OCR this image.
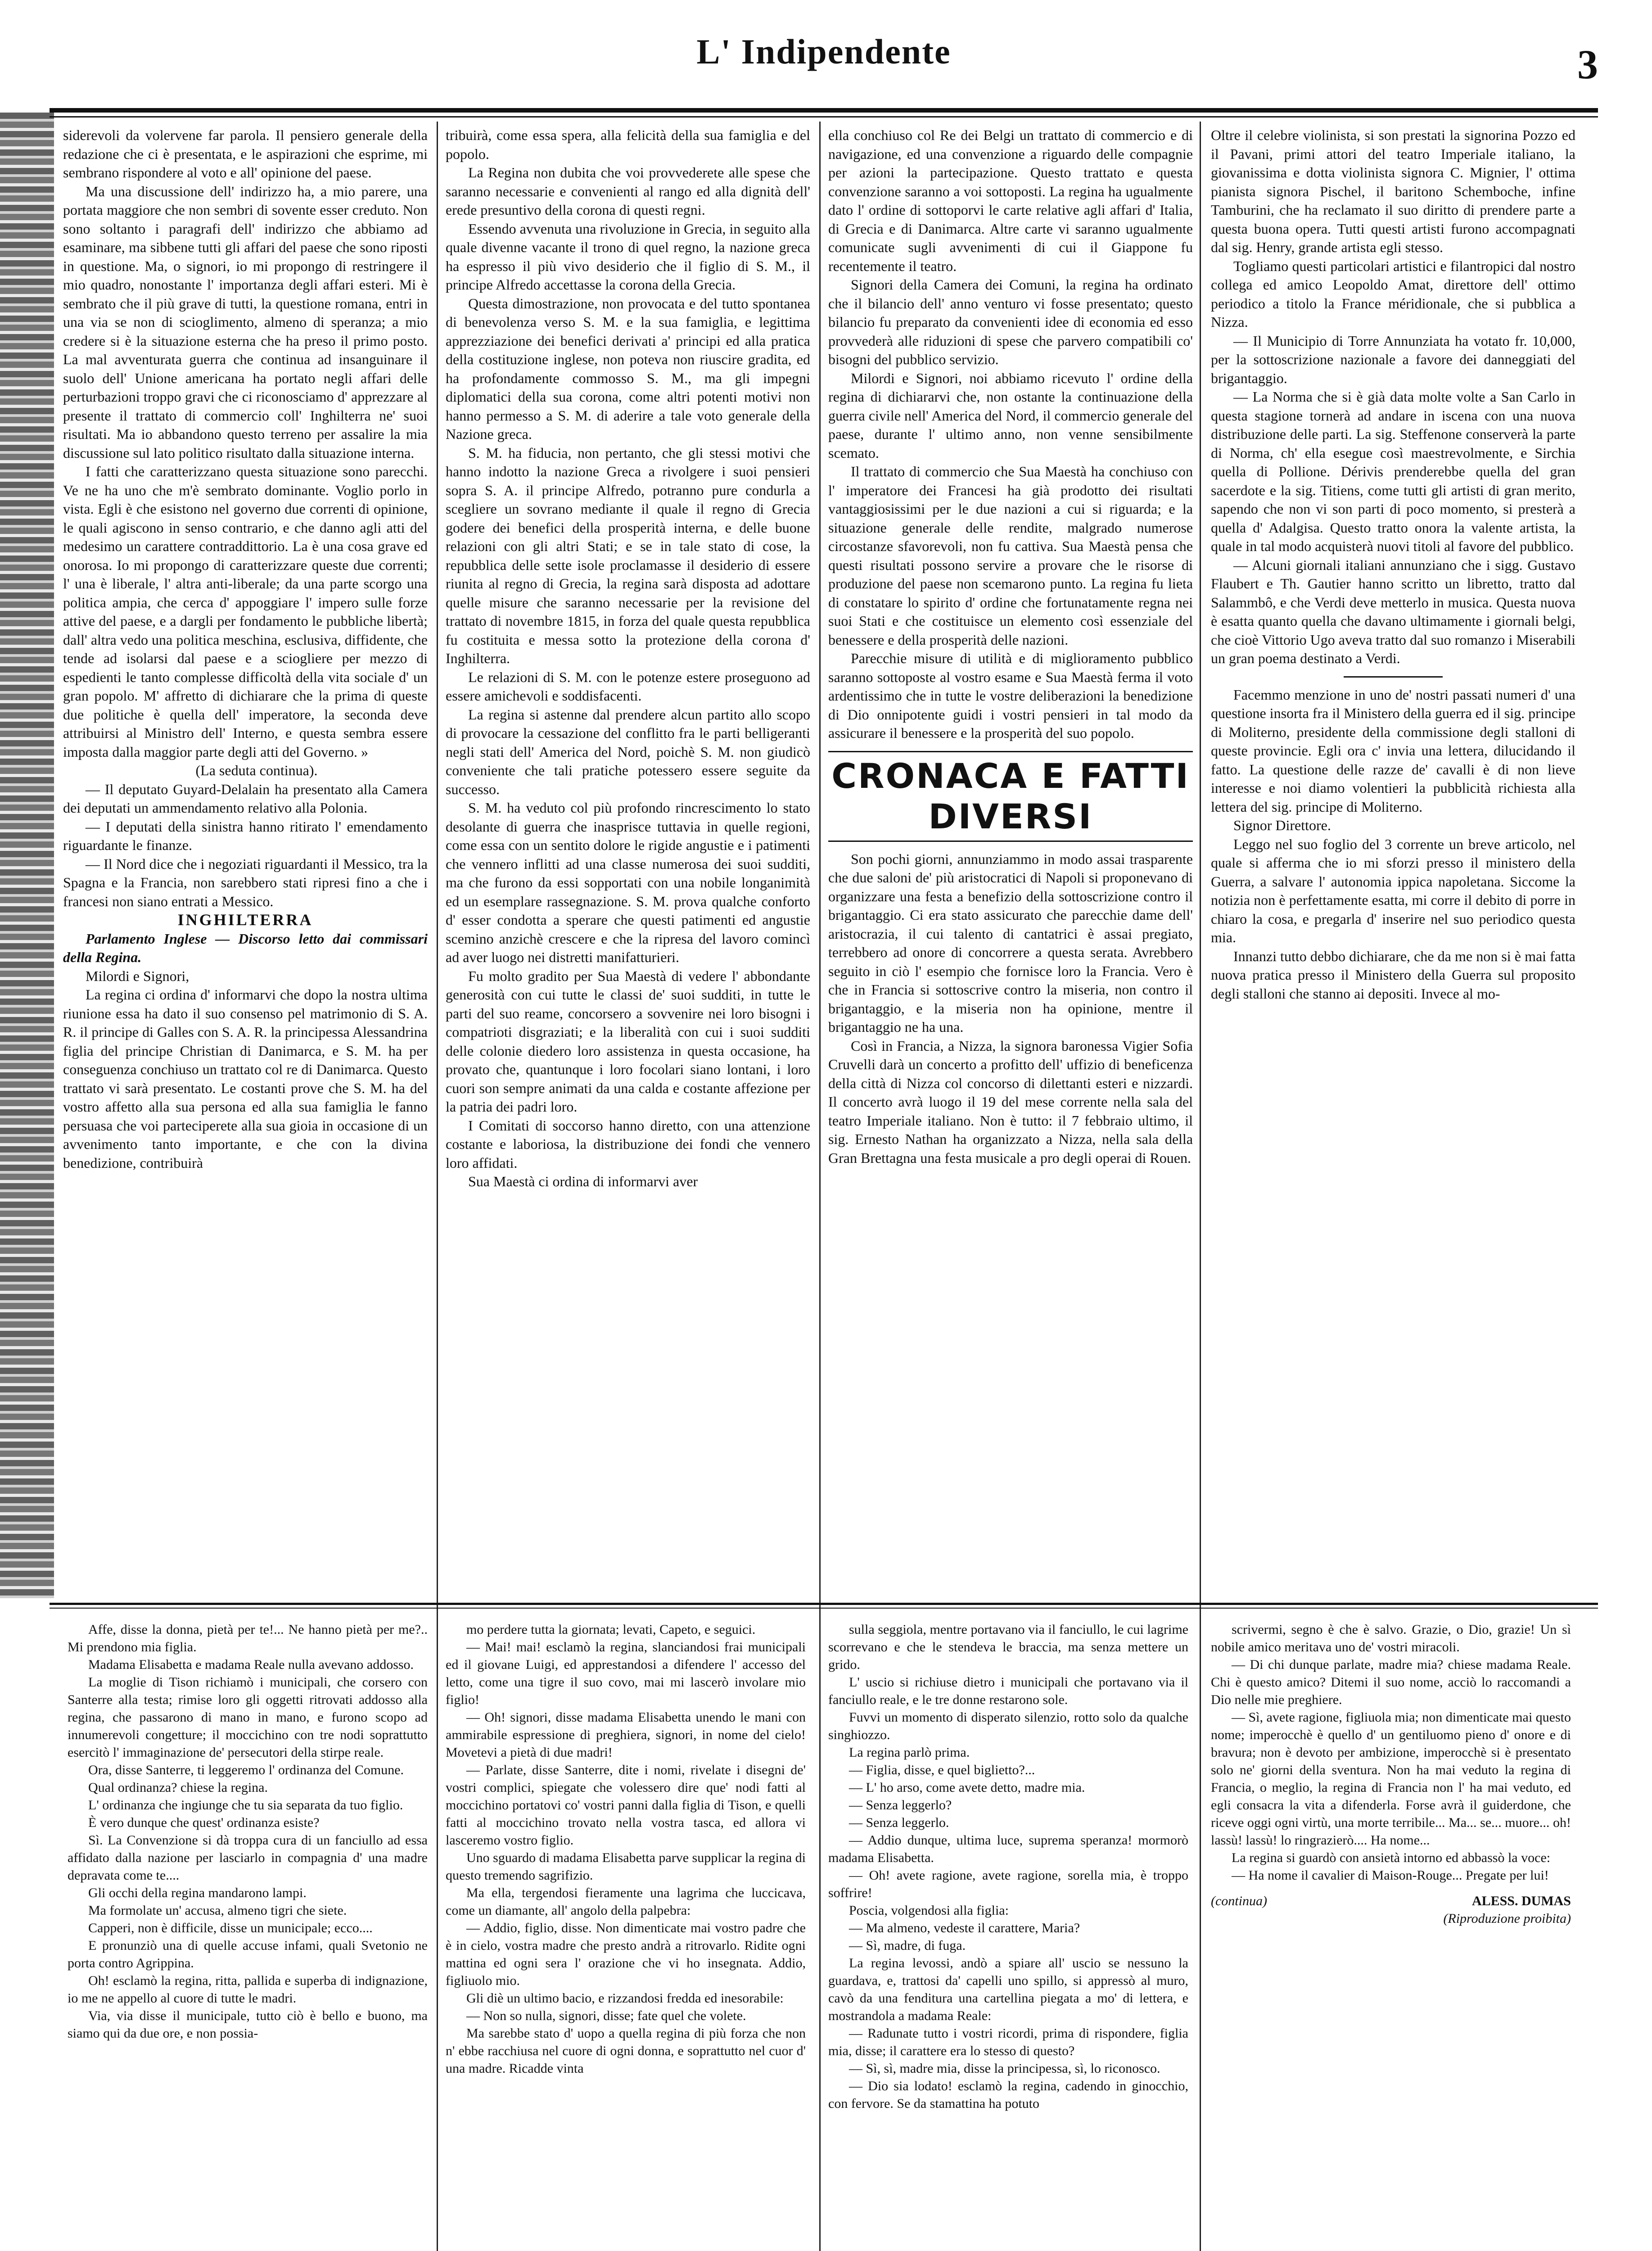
L' Indipendente	3

siderevoli da volervene far parola. Il pensiero generale della redazione che ci è presentata, e le aspirazioni che esprime, mi sembrano rispondere al voto e all' opinione del paese.

Ma una discussione dell' indirizzo ha, a mio parere, una portata maggiore che non sembri di sovente esser creduto. Non sono soltanto i paragrafi dell' indirizzo che abbiamo ad esaminare, ma sibbene tutti gli affari del paese che sono riposti in questione. Ma, o signori, io mi propongo di restringere il mio quadro, nonostante l' importanza degli affari esteri. Mi è sembrato che il più grave di tutti, la questione romana, entri in una via se non di scioglimento, almeno di speranza; a mio credere si è la situazione esterna che ha preso il primo posto. La mal avventurata guerra che continua ad insanguinare il suolo dell' Unione americana ha portato negli affari delle perturbazioni troppo gravi che ci riconosciamo d' apprezzare al presente il trattato di commercio coll' Inghilterra ne' suoi risultati. Ma io abbandono questo terreno per assalire la mia discussione sul lato politico risultato dalla situazione interna.

I fatti che caratterizzano questa situazione sono parecchi. Ve ne ha uno che m'è sembrato dominante. Voglio porlo in vista. Egli è che esistono nel governo due correnti di opinione, le quali agiscono in senso contrario, e che danno agli atti del medesimo un carattere contraddittorio. La è una cosa grave ed onorosa. Io mi propongo di caratterizzare queste due correnti; l' una è liberale, l' altra anti-liberale; da una parte scorgo una politica ampia, che cerca d' appoggiare l' impero sulle forze attive del paese, e a dargli per fondamento le pubbliche libertà; dall' altra vedo una politica meschina, esclusiva, diffidente, che tende ad isolarsi dal paese e a sciogliere per mezzo di espedienti le tanto complesse difficoltà della vita sociale d' un gran popolo. M' affretto di dichiarare che la prima di queste due politiche è quella dell' imperatore, la seconda deve attribuirsi al Ministro dell' Interno, e questa sembra essere imposta dalla maggior parte degli atti del Governo. »

(La seduta continua).

— Il deputato Guyard-Delalain ha presentato alla Camera dei deputati un ammendamento relativo alla Polonia.

— I deputati della sinistra hanno ritirato l' emendamento riguardante le finanze.

— Il Nord dice che i negoziati riguardanti il Messico, tra la Spagna e la Francia, non sarebbero stati ripresi fino a che i francesi non siano entrati a Messico.

INGHILTERRA

Parlamento Inglese — Discorso letto dai commissari della Regina.

Milordi e Signori,

La regina ci ordina d' informarvi che dopo la nostra ultima riunione essa ha dato il suo consenso pel matrimonio di S. A. R. il principe di Galles con S. A. R. la principessa Alessandrina figlia del principe Christian di Danimarca, e S. M. ha per conseguenza conchiuso un trattato col re di Danimarca. Questo trattato vi sarà presentato. Le costanti prove che S. M. ha del vostro affetto alla sua persona ed alla sua famiglia le fanno persuasa che voi parteciperete alla sua gioia in occasione di un avvenimento tanto importante, e che con la divina benedizione, contribuirà

tribuirà, come essa spera, alla felicità della sua famiglia e del popolo.

La Regina non dubita che voi provvederete alle spese che saranno necessarie e convenienti al rango ed alla dignità dell' erede presuntivo della corona di questi regni.

Essendo avvenuta una rivoluzione in Grecia, in seguito alla quale divenne vacante il trono di quel regno, la nazione greca ha espresso il più vivo desiderio che il figlio di S. M., il principe Alfredo accettasse la corona della Grecia.

Questa dimostrazione, non provocata e del tutto spontanea di benevolenza verso S. M. e la sua famiglia, e legittima apprezziazione dei benefici derivati a' principi ed alla pratica della costituzione inglese, non poteva non riuscire gradita, ed ha profondamente commosso S. M., ma gli impegni diplomatici della sua corona, come altri potenti motivi non hanno permesso a S. M. di aderire a tale voto generale della Nazione greca.

S. M. ha fiducia, non pertanto, che gli stessi motivi che hanno indotto la nazione Greca a rivolgere i suoi pensieri sopra S. A. il principe Alfredo, potranno pure condurla a scegliere un sovrano mediante il quale il regno di Grecia godere dei benefici della prosperità interna, e delle buone relazioni con gli altri Stati; e se in tale stato di cose, la repubblica delle sette isole proclamasse il desiderio di essere riunita al regno di Grecia, la regina sarà disposta ad adottare quelle misure che saranno necessarie per la revisione del trattato di novembre 1815, in forza del quale questa repubblica fu costituita e messa sotto la protezione della corona d' Inghilterra.

Le relazioni di S. M. con le potenze estere proseguono ad essere amichevoli e soddisfacenti.

La regina si astenne dal prendere alcun partito allo scopo di provocare la cessazione del conflitto fra le parti belligeranti negli stati dell' America del Nord, poichè S. M. non giudicò conveniente che tali pratiche potessero essere seguite da successo.

S. M. ha veduto col più profondo rincrescimento lo stato desolante di guerra che inasprisce tuttavia in quelle regioni, come essa con un sentito dolore le rigide angustie e i patimenti che vennero inflitti ad una classe numerosa dei suoi sudditi, ma che furono da essi sopportati con una nobile longanimità ed un esemplare rassegnazione. S. M. prova qualche conforto d' esser condotta a sperare che questi patimenti ed angustie scemino anzichè crescere e che la ripresa del lavoro comincì ad aver luogo nei distretti manifatturieri.

Fu molto gradito per Sua Maestà di vedere l' abbondante generosità con cui tutte le classi de' suoi sudditi, in tutte le parti del suo reame, concorsero a sovvenire nei loro bisogni i compatrioti disgraziati; e la liberalità con cui i suoi sudditi delle colonie diedero loro assistenza in questa occasione, ha provato che, quantunque i loro focolari siano lontani, i loro cuori son sempre animati da una calda e costante affezione per la patria dei padri loro.

I Comitati di soccorso hanno diretto, con una attenzione costante e laboriosa, la distribuzione dei fondi che vennero loro affidati.

Sua Maestà ci ordina di informarvi aver

ella conchiuso col Re dei Belgi un trattato di commercio e di navigazione, ed una convenzione a riguardo delle compagnie per azioni la partecipazione. Questo trattato e questa convenzione saranno a voi sottoposti. La regina ha ugualmente dato l' ordine di sottoporvi le carte relative agli affari d' Italia, di Grecia e di Danimarca. Altre carte vi saranno ugualmente comunicate sugli avvenimenti di cui il Giappone fu recentemente il teatro.

Signori della Camera dei Comuni, la regina ha ordinato che il bilancio dell' anno venturo vi fosse presentato; questo bilancio fu preparato da convenienti idee di economia ed esso provvederà alle riduzioni di spese che parvero compatibili co' bisogni del pubblico servizio.

Milordi e Signori, noi abbiamo ricevuto l' ordine della regina di dichiararvi che, non ostante la continuazione della guerra civile nell' America del Nord, il commercio generale del paese, durante l' ultimo anno, non venne sensibilmente scemato.

Il trattato di commercio che Sua Maestà ha conchiuso con l' imperatore dei Francesi ha già prodotto dei risultati vantaggiosissimi per le due nazioni a cui si riguarda; e la situazione generale delle rendite, malgrado numerose circostanze sfavorevoli, non fu cattiva. Sua Maestà pensa che questi risultati possono servire a provare che le risorse di produzione del paese non scemarono punto. La regina fu lieta di constatare lo spirito d' ordine che fortunatamente regna nei suoi Stati e che costituisce un elemento così essenziale del benessere e della prosperità delle nazioni.

Parecchie misure di utilità e di miglioramento pubblico saranno sottoposte al vostro esame e Sua Maestà ferma il voto ardentissimo che in tutte le vostre deliberazioni la benedizione di Dio onnipotente guidi i vostri pensieri in tal modo da assicurare il benessere e la prosperità del suo popolo.

CRONACA E FATTI DIVERSI

Son pochi giorni, annunziammo in modo assai trasparente che due saloni de' più aristocratici di Napoli si proponevano di organizzare una festa a benefizio della sottoscrizione contro il brigantaggio. Ci era stato assicurato che parecchie dame dell' aristocrazia, il cui talento di cantatrici è assai pregiato, terrebbero ad onore di concorrere a questa serata. Avrebbero seguito in ciò l' esempio che fornisce loro la Francia. Vero è che in Francia si sottoscrive contro la miseria, non contro il brigantaggio, e la miseria non ha opinione, mentre il brigantaggio ne ha una.

Così in Francia, a Nizza, la signora baronessa Vigier Sofia Cruvelli darà un concerto a profitto dell' uffizio di beneficenza della città di Nizza col concorso di dilettanti esteri e nizzardi. Il concerto avrà luogo il 19 del mese corrente nella sala del teatro Imperiale italiano. Non è tutto: il 7 febbraio ultimo, il sig. Ernesto Nathan ha organizzato a Nizza, nella sala della Gran Brettagna una festa musicale a pro degli operai di Rouen.

Oltre il celebre violinista, si son prestati la signorina Pozzo ed il Pavani, primi attori del teatro Imperiale italiano, la giovanissima e dotta violinista signora C. Mignier, l' ottima pianista signora Pischel, il baritono Schemboche, infine Tamburini, che ha reclamato il suo diritto di prendere parte a questa buona opera. Tutti questi artisti furono accompagnati dal sig. Henry, grande artista egli stesso.

Togliamo questi particolari artistici e filantropici dal nostro collega ed amico Leopoldo Amat, direttore dell' ottimo periodico a titolo la France méridionale, che si pubblica a Nizza.

— Il Municipio di Torre Annunziata ha votato fr. 10,000, per la sottoscrizione nazionale a favore dei danneggiati del brigantaggio.

— La Norma che si è già data molte volte a San Carlo in questa stagione tornerà ad andare in iscena con una nuova distribuzione delle parti. La sig. Steffenone conserverà la parte di Norma, ch' ella esegue così maestrevolmente, e Sirchia quella di Pollione. Dérivis prenderebbe quella del gran sacerdote e la sig. Titiens, come tutti gli artisti di gran merito, sapendo che non vi son parti di poco momento, si presterà a quella d' Adalgisa. Questo tratto onora la valente artista, la quale in tal modo acquisterà nuovi titoli al favore del pubblico.

— Alcuni giornali italiani annunziano che i sigg. Gustavo Flaubert e Th. Gautier hanno scritto un libretto, tratto dal Salammbô, e che Verdi deve metterlo in musica. Questa nuova è esatta quanto quella che davano ultimamente i giornali belgi, che cioè Vittorio Ugo aveva tratto dal suo romanzo i Miserabili un gran poema destinato a Verdi.

Facemmo menzione in uno de' nostri passati numeri d' una questione insorta fra il Ministero della guerra ed il sig. principe di Moliterno, presidente della commissione degli stalloni di queste provincie. Egli ora c' invia una lettera, dilucidando il fatto. La questione delle razze de' cavalli è di non lieve interesse e noi diamo volentieri la pubblicità richiesta alla lettera del sig. principe di Moliterno.

Signor Direttore.

Leggo nel suo foglio del 3 corrente un breve articolo, nel quale si afferma che io mi sforzi presso il ministero della Guerra, a salvare l' autonomia ippica napoletana. Siccome la notizia non è perfettamente esatta, mi corre il debito di porre in chiaro la cosa, e pregarla d' inserire nel suo periodico questa mia.

Innanzi tutto debbo dichiarare, che da me non si è mai fatta nuova pratica presso il Ministero della Guerra sul proposito degli stalloni che stanno ai depositi. Invece al mo-

Affe, disse la donna, pietà per te!... Ne hanno pietà per me?.. Mi prendono mia figlia.

Madama Elisabetta e madama Reale nulla avevano addosso.

La moglie di Tison richiamò i municipali, che corsero con Santerre alla testa; rimise loro gli oggetti ritrovati addosso alla regina, che passarono di mano in mano, e furono scopo ad innumerevoli congetture; il moccichino con tre nodi soprattutto esercitò l' immaginazione de' persecutori della stirpe reale.

Ora, disse Santerre, ti leggeremo l' ordinanza del Comune.

Qual ordinanza? chiese la regina.

L' ordinanza che ingiunge che tu sia separata da tuo figlio.

È vero dunque che quest' ordinanza esiste?

Sì. La Convenzione si dà troppa cura di un fanciullo ad essa affidato dalla nazione per lasciarlo in compagnia d' una madre depravata come te....

Gli occhi della regina mandarono lampi.

Ma formolate un' accusa, almeno tigri che siete.

Capperi, non è difficile, disse un municipale; ecco....

E pronunziò una di quelle accuse infami, quali Svetonio ne porta contro Agrippina.

Oh! esclamò la regina, ritta, pallida e superba di indignazione, io me ne appello al cuore di tutte le madri.

Via, via disse il municipale, tutto ciò è bello e buono, ma siamo qui da due ore, e non possia-

mo perdere tutta la giornata; levati, Capeto, e seguici.

— Mai! mai! esclamò la regina, slanciandosi frai municipali ed il giovane Luigi, ed apprestandosi a difendere l' accesso del letto, come una tigre il suo covo, mai mi lascerò involare mio figlio!

— Oh! signori, disse madama Elisabetta unendo le mani con ammirabile espressione di preghiera, signori, in nome del cielo! Movetevi a pietà di due madri!

— Parlate, disse Santerre, dite i nomi, rivelate i disegni de' vostri complici, spiegate che volessero dire que' nodi fatti al moccichino portatovi co' vostri panni dalla figlia di Tison, e quelli fatti al moccichino trovato nella vostra tasca, ed allora vi lasceremo vostro figlio.

Uno sguardo di madama Elisabetta parve supplicar la regina di questo tremendo sagrifizio.

Ma ella, tergendosi fieramente una lagrima che luccicava, come un diamante, all' angolo della palpebra:

— Addio, figlio, disse. Non dimenticate mai vostro padre che è in cielo, vostra madre che presto andrà a ritrovarlo. Ridite ogni mattina ed ogni sera l' orazione che vi ho insegnata. Addio, figliuolo mio.

Gli diè un ultimo bacio, e rizzandosi fredda ed inesorabile:

— Non so nulla, signori, disse; fate quel che volete.

Ma sarebbe stato d' uopo a quella regina di più forza che non n' ebbe racchiusa nel cuore di ogni donna, e soprattutto nel cuor d' una madre. Ricadde vinta

sulla seggiola, mentre portavano via il fanciullo, le cui lagrime scorrevano e che le stendeva le braccia, ma senza mettere un grido.

L' uscio si richiuse dietro i municipali che portavano via il fanciullo reale, e le tre donne restarono sole.

Fuvvi un momento di disperato silenzio, rotto solo da qualche singhiozzo.

La regina parlò prima.

— Figlia, disse, e quel biglietto?...

— L' ho arso, come avete detto, madre mia.

— Senza leggerlo?

— Senza leggerlo.

— Addio dunque, ultima luce, suprema speranza! mormorò madama Elisabetta.

— Oh! avete ragione, avete ragione, sorella mia, è troppo soffrire!

Poscia, volgendosi alla figlia:

— Ma almeno, vedeste il carattere, Maria?

— Sì, madre, di fuga.

La regina levossi, andò a spiare all' uscio se nessuno la guardava, e, trattosi da' capelli uno spillo, si appressò al muro, cavò da una fenditura una cartellina piegata a mo' di lettera, e mostrandola a madama Reale:

— Radunate tutto i vostri ricordi, prima di rispondere, figlia mia, disse; il carattere era lo stesso di questo?

— Sì, sì, madre mia, disse la principessa, sì, lo riconosco.

— Dio sia lodato! esclamò la regina, cadendo in ginocchio, con fervore. Se da stamattina ha potuto

scrivermi, segno è che è salvo. Grazie, o Dio, grazie! Un sì nobile amico meritava uno de' vostri miracoli.

— Di chi dunque parlate, madre mia? chiese madama Reale. Chi è questo amico? Ditemi il suo nome, acciò lo raccomandi a Dio nelle mie preghiere.

— Sì, avete ragione, figliuola mia; non dimenticate mai questo nome; imperocchè è quello d' un gentiluomo pieno d' onore e di bravura; non è devoto per ambizione, imperocchè si è presentato solo ne' giorni della sventura. Non ha mai veduto la regina di Francia, o meglio, la regina di Francia non l' ha mai veduto, ed egli consacra la vita a difenderla. Forse avrà il guiderdone, che riceve oggi ogni virtù, una morte terribile... Ma... se... muore... oh! lassù! lassù! lo ringrazierò.... Ha nome...

La regina si guardò con ansietà intorno ed abbassò la voce:

— Ha nome il cavalier di Maison-Rouge... Pregate per lui!

(continua)	ALESS. DUMAS

(Riproduzione proibita)
